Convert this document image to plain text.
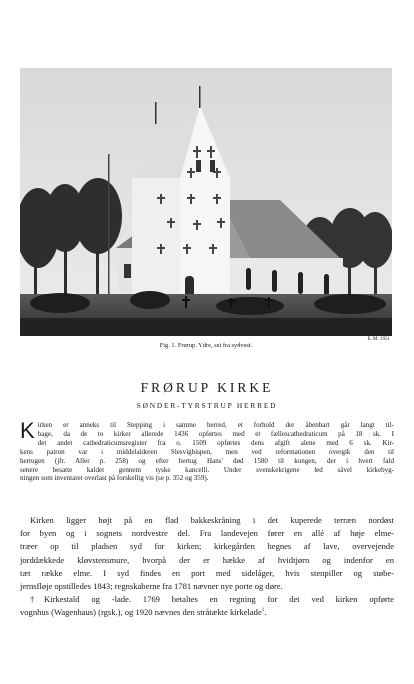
Fig. 1. Frørup. Ydre, set fra sydvest.
E. M. 1951
FRØRUP KIRKE
SØNDER-TYRSTRUP HERRED
K irken er anneks til Stepping i samme herred, et forhold der åbenbart går langt til-
bage, da de to kirker allerede 1436 opførtes med et fællescathedraticum på 18 sk. I
det andet cathedraticumsregister fra o. 1509 opførtes dens afgift alene med 6 sk. Kir-
kens patron var i middelalderen Slesvigbispen, men ved reformationen overgik den til
hertugen (jfr. Aller p. 258) og efter hertug Hans' død 1580 til kongen, der i hvert fald
senere besatte kaldet gennem tyske kancelli. Under svenskekrigene led såvel kirkebyg-
ningen som inventaret overlast på forskellig vis (se p. 352 og 359).
Kirken ligger højt på en flad bakkeskråning i det kuperede terræn nordøst
for byen og i sognets nordvestre del. Fra landevejen fører en allé af høje elme-
træer op til pladsen syd for kirken; kirkegården hegnes af lave, overvejende
jorddækkede kløvstensmure, hvorpå der er hække af hvidtjørn og indenfor en
tæt række elme. I syd findes en port med sidelåger, hvis stenpiller og støbe-
jernsfløje opstilledes 1843; regnskaberne fra 1781 nævner nye porte og døre.
†Kirkestald og -lade. 1769 betaltes en regning for det ved kirken opførte
vognhus (Wagenhaus) (rgsk.), og 1920 nævnes den stråtækte kirkelade$^1$.
